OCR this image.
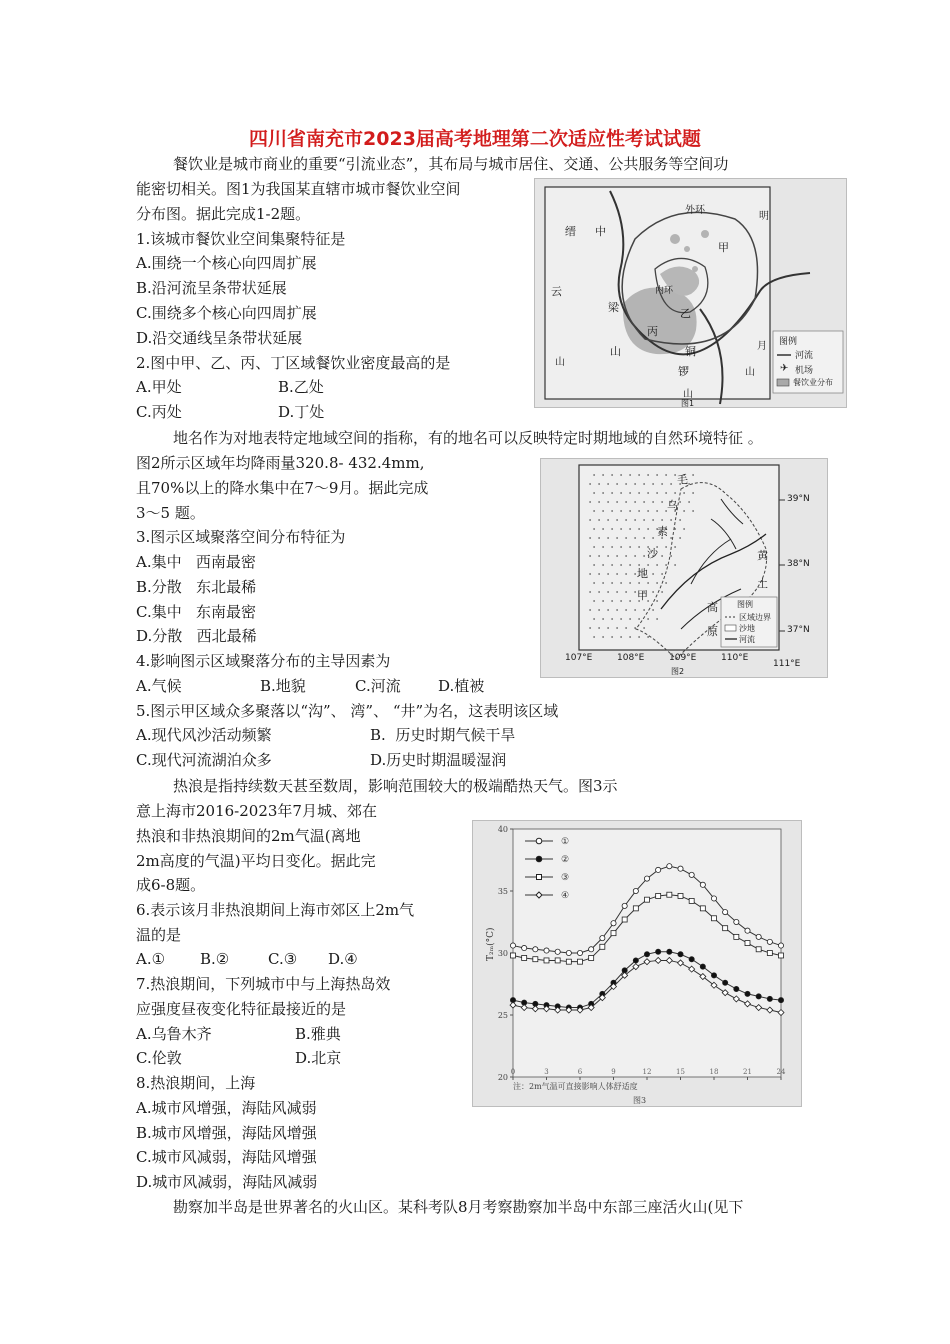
四川省南充市2023届高考地理第二次适应性考试试题
餐饮业是城市商业的重要“引流业态”，其布局与城市居住、交通、公共服务等空间功
能密切相关。图1为我国某直辖市城市餐饮业空间
分布图。据此完成1-2题。
1.该城市餐饮业空间集聚特征是
A.围绕一个核心向四周扩展
B.沿河流呈条带状延展
C.围绕多个核心向四周扩展
D.沿交通线呈条带状延展
2.图中甲、乙、丙、丁区域餐饮业密度最高的是
A.甲处	B.乙处
C.丙处	D.丁处
✈
外环
甲
缙 中
云
梁
内环
乙
丙
铜
锣
山
明
月
山
山
山
图例
河流
机场
餐饮业分布
图1
地名作为对地表特定地域空间的指称，有的地名可以反映特定时期地域的自然环境特征 。
图2所示区域年均降雨量320.8- 432.4mm,
且70%以上的降水集中在7～9月。据此完成
3～5 题。
3.图示区域聚落空间分布特征为
A.集中   西南最密
B.分散   东北最稀
C.集中   东南最密
D.分散   西北最稀
4.影响图示区域聚落分布的主导因素为
A.气候	B.地貌	C.河流 D.植被
5.图示甲区域众多聚落以“沟”、 湾”、 “井”为名，这表明该区域
A.现代风沙活动频繁	B.  历史时期气候干旱
C.现代河流湖泊众多	D.历史时期温暖湿润
毛
乌
素
沙
地
甲
黄
土
高
原
39°N
38°N
37°N
107°E	108°E	109°E	110°E
111°E
图例
区域边界
沙地
河流
图2
热浪是指持续数天甚至数周，影响范围较大的极端酷热天气。图3示
意上海市2016-2023年7月城、郊在
热浪和非热浪期间的2m气温(离地
2m高度的气温)平均日变化。据此完
成6-8题。
6.表示该月非热浪期间上海市郊区上2m气
温的是
A.① B.②	C.③ D.④
7.热浪期间，下列城市中与上海热岛效
应强度昼夜变化特征最接近的是
A.乌鲁木齐	B.雅典
C.伦敦	D.北京
8.热浪期间，上海
A.城市风增强，海陆风减弱
B.城市风增强，海陆风增强
C.城市风减弱，海陆风增强
D.城市风减弱，海陆风减弱
勘察加半岛是世界著名的火山区。某科考队8月考察勘察加半岛中东部三座活火山(见下
T₂ₘ(°C)
20
25
30
35
40
0	3	6	9	12	15	18	21	24
①
②
③
④
注：2m气温可直接影响人体舒适度
图3
